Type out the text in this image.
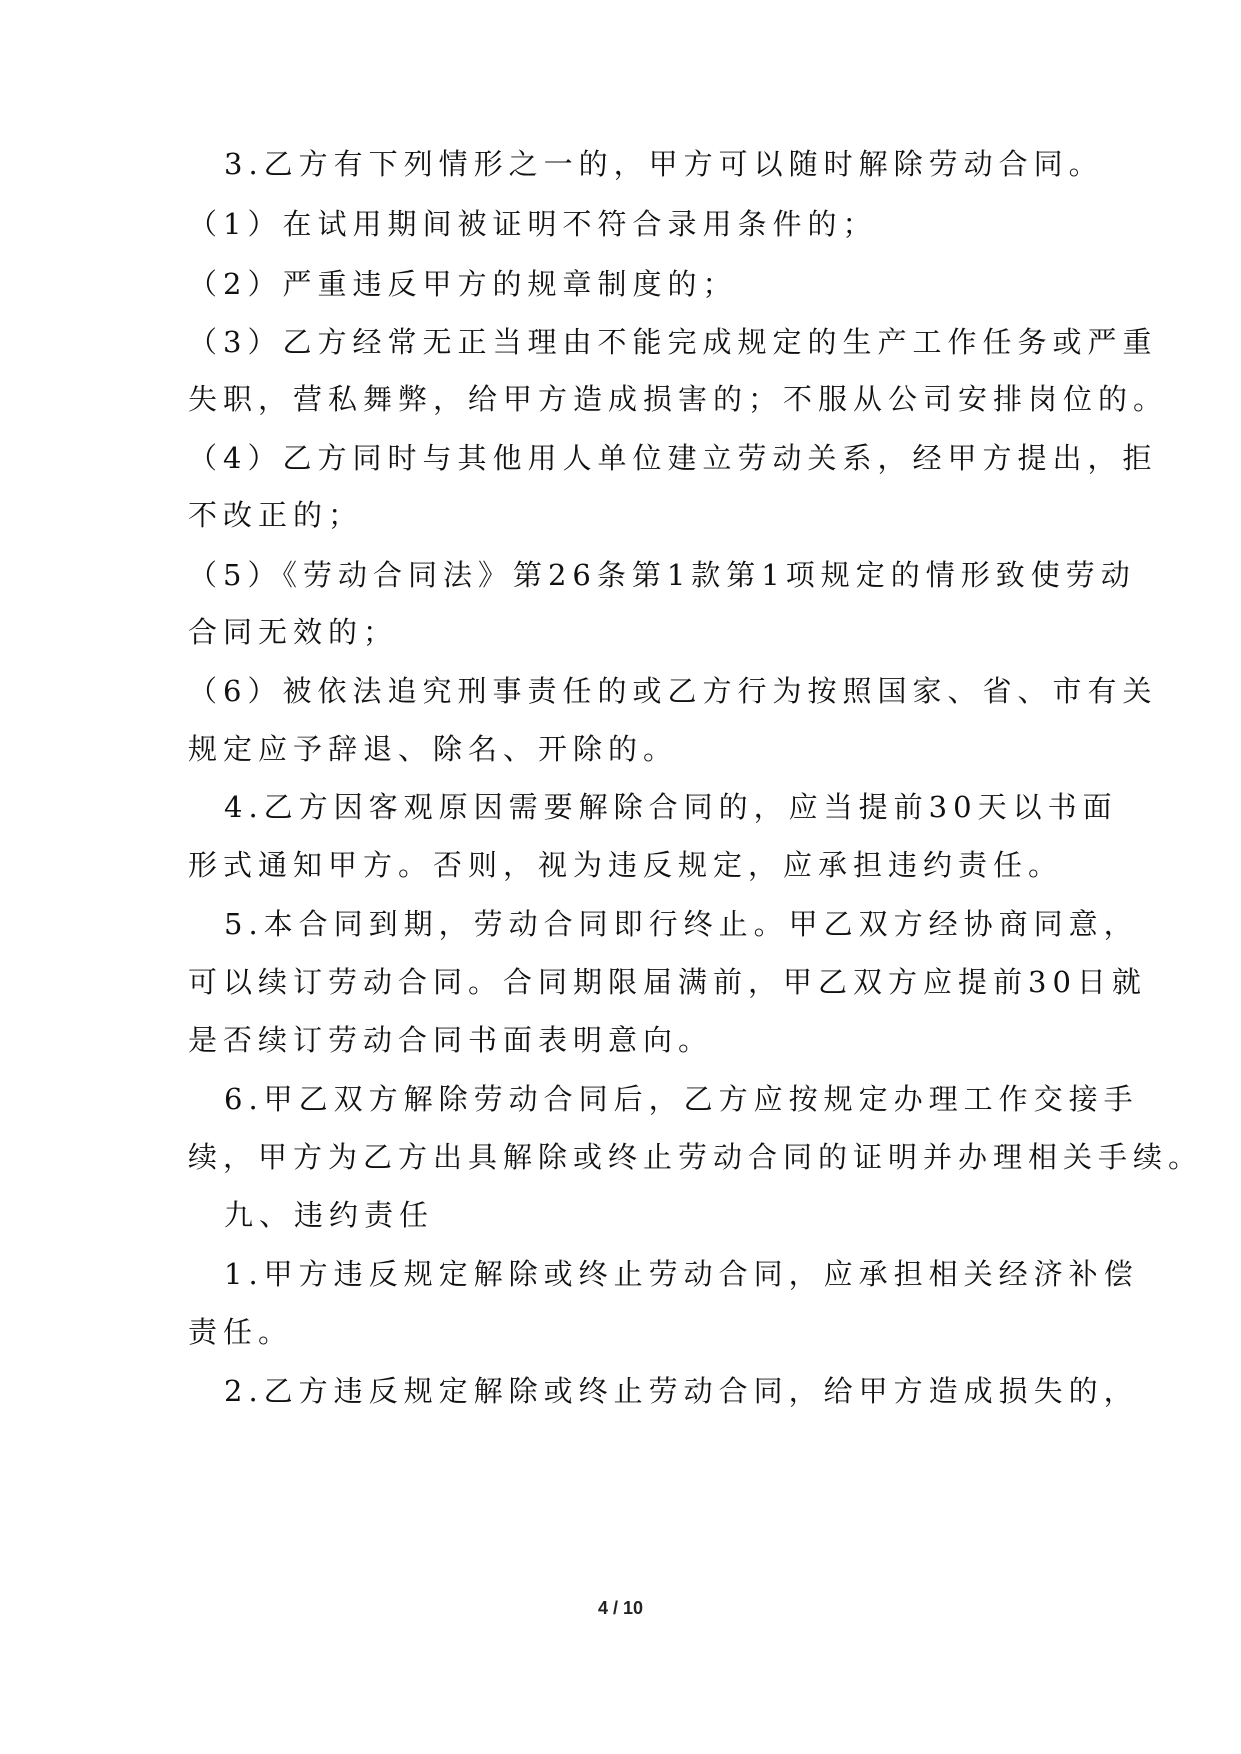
3.乙方有下列情形之一的，甲方可以随时解除劳动合同。
（1）在试用期间被证明不符合录用条件的；
（2）严重违反甲方的规章制度的；
（3）乙方经常无正当理由不能完成规定的生产工作任务或严重
失职，营私舞弊，给甲方造成损害的；不服从公司安排岗位的。
（4）乙方同时与其他用人单位建立劳动关系，经甲方提出，拒
不改正的；
（5）《劳动合同法》第26条第1款第1项规定的情形致使劳动
合同无效的；
（6）被依法追究刑事责任的或乙方行为按照国家、省、市有关
规定应予辞退、除名、开除的。
4.乙方因客观原因需要解除合同的，应当提前30天以书面
形式通知甲方。否则，视为违反规定，应承担违约责任。
5.本合同到期，劳动合同即行终止。甲乙双方经协商同意，
可以续订劳动合同。合同期限届满前，甲乙双方应提前30日就
是否续订劳动合同书面表明意向。
6.甲乙双方解除劳动合同后，乙方应按规定办理工作交接手
续，甲方为乙方出具解除或终止劳动合同的证明并办理相关手续。
九、违约责任
1.甲方违反规定解除或终止劳动合同，应承担相关经济补偿
责任。
2.乙方违反规定解除或终止劳动合同，给甲方造成损失的，
4 / 10
